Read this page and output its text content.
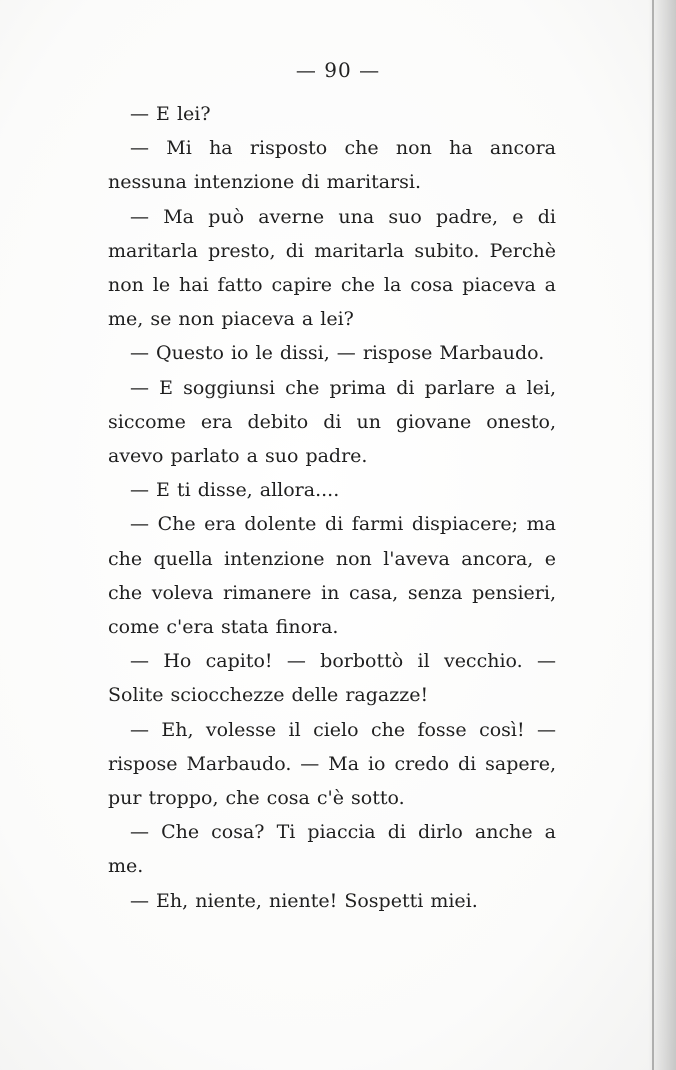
— 90 —

— E lei?

— Mi ha risposto che non ha ancora nessuna intenzione di maritarsi.

— Ma può averne una suo padre, e di maritarla presto, di maritarla subito. Perchè non le hai fatto capire che la cosa piaceva a me, se non piaceva a lei?

— Questo io le dissi, — rispose Marbaudo.

— E soggiunsi che prima di parlare a lei, siccome era debito di un giovane onesto, avevo parlato a suo padre.

— E ti disse, allora....

— Che era dolente di farmi dispiacere; ma che quella intenzione non l'aveva ancora, e che voleva rimanere in casa, senza pensieri, come c'era stata finora.

— Ho capito! — borbottò il vecchio. — Solite sciocchezze delle ragazze!

— Eh, volesse il cielo che fosse così! — rispose Marbaudo. — Ma io credo di sapere, pur troppo, che cosa c'è sotto.

— Che cosa? Ti piaccia di dirlo anche a me.

— Eh, niente, niente! Sospetti miei.
